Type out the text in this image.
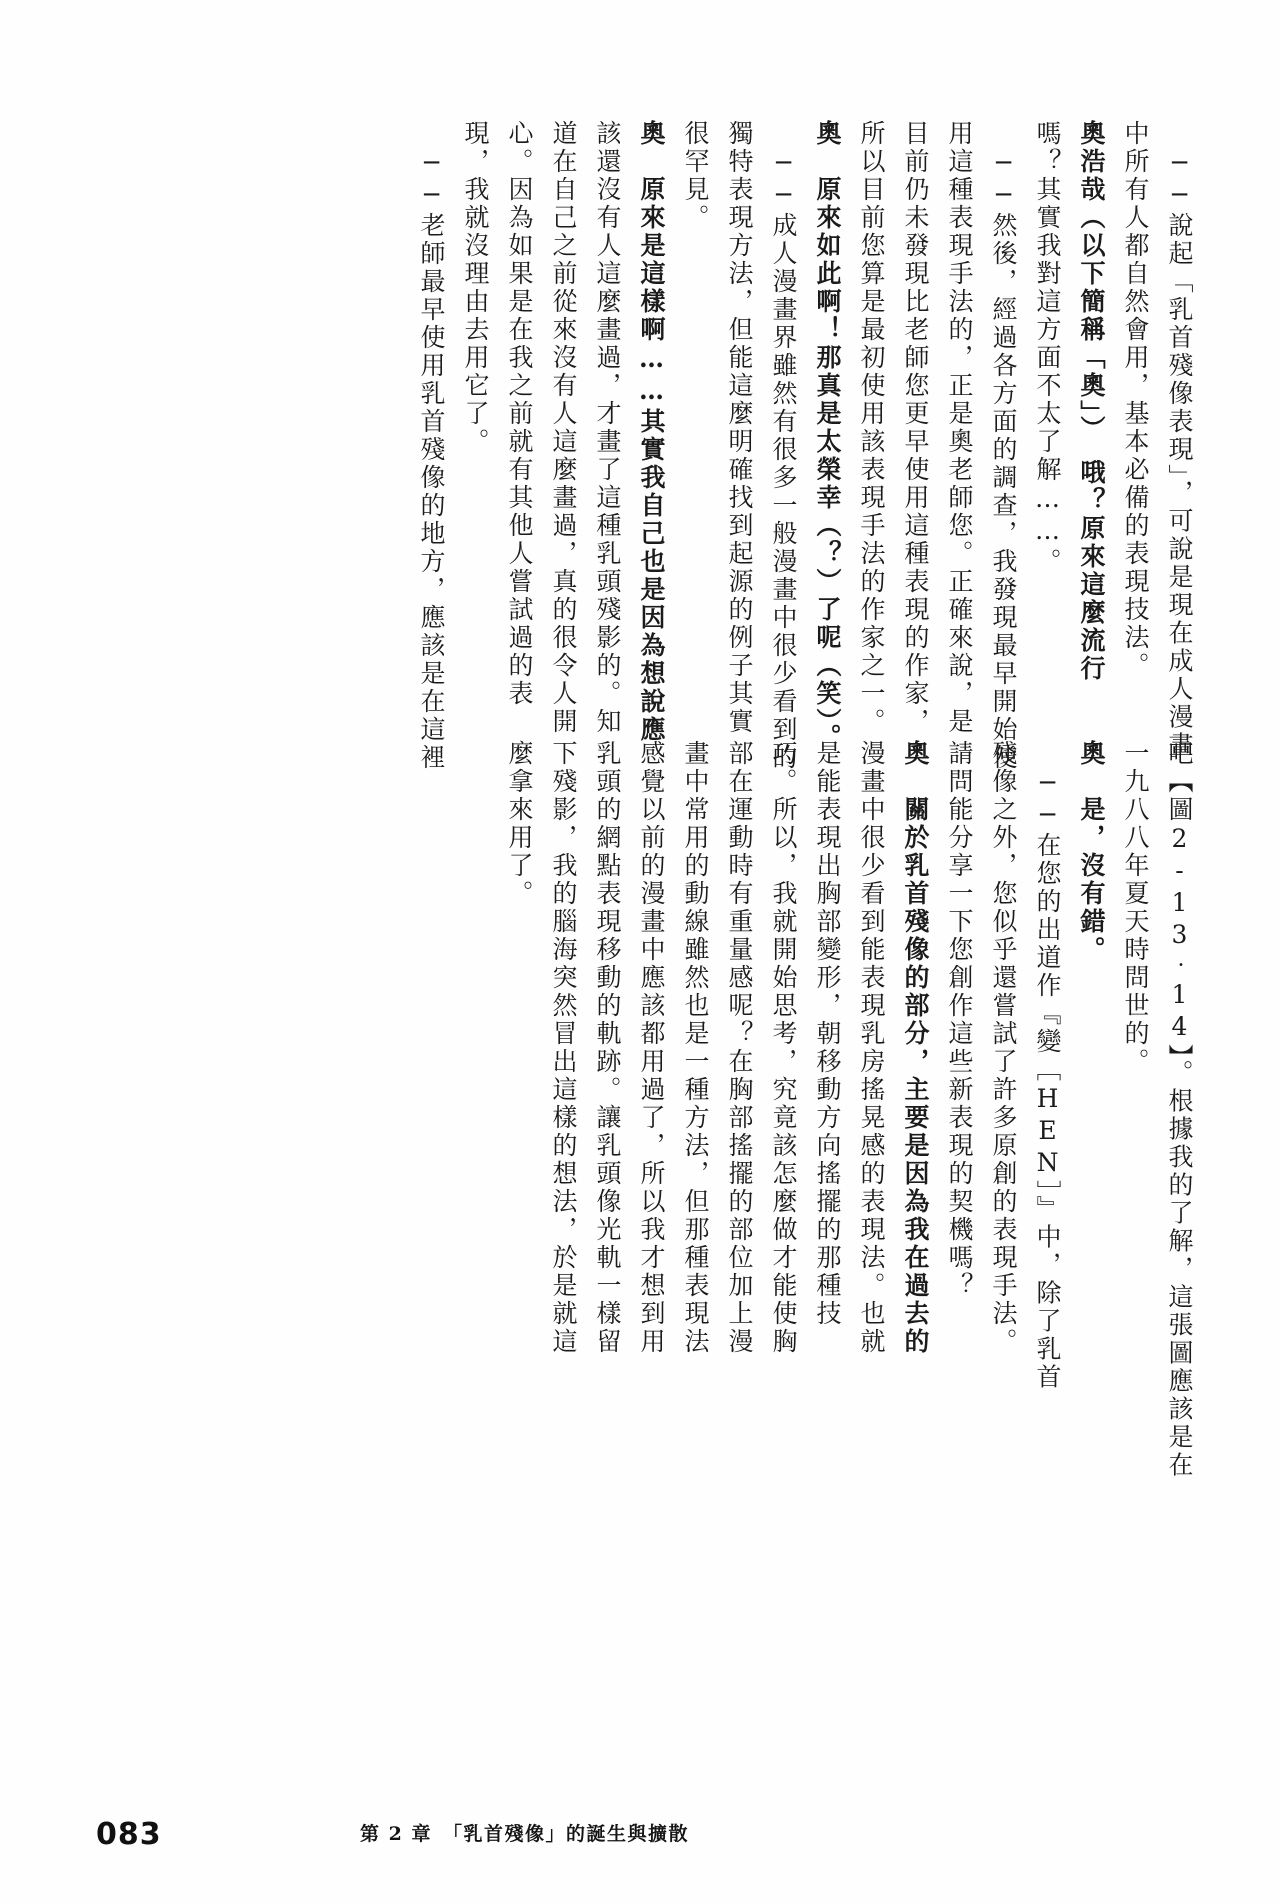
　──說起「乳首殘像表現」，可說是現在成人漫畫
中所有人都自然會用，基本必備的表現技法。
奧浩哉（以下簡稱「奧」）　哦？原來這麼流行
嗎？其實我對這方面不太了解……。
　──然後，經過各方面的調查，我發現最早開始使
用這種表現手法的，正是奧老師您。正確來說，是
目前仍未發現比老師您更早使用這種表現的作家，
所以目前您算是最初使用該表現手法的作家之一。
奧　原來如此啊！那真是太榮幸（？）了呢（笑）。
　──成人漫畫界雖然有很多一般漫畫中很少看到的
獨特表現方法，但能這麼明確找到起源的例子其實
很罕見。
奧　原來是這樣啊……其實我自己也是因為想說應
該還沒有人這麼畫過，才畫了這種乳頭殘影的。知
道在自己之前從來沒有人這麼畫過，真的很令人開
心。因為如果是在我之前就有其他人嘗試過的表
現，我就沒理由去用它了。
　──老師最早使用乳首殘像的地方，應該是在這裡
吧【圖2-13‧14】。根據我的了解，這張圖應該是在
一九八八年夏天時問世的。
奧　是，沒有錯。
　──在您的出道作『變［HEN］』中，除了乳首
殘像之外，您似乎還嘗試了許多原創的表現手法。
請問能分享一下您創作這些新表現的契機嗎？
奧　關於乳首殘像的部分，主要是因為我在過去的
漫畫中很少看到能表現乳房搖晃感的表現法。也就
是能表現出胸部變形，朝移動方向搖擺的那種技
巧。所以，我就開始思考，究竟該怎麼做才能使胸
部在運動時有重量感呢？在胸部搖擺的部位加上漫
畫中常用的動線雖然也是一種方法，但那種表現法
感覺以前的漫畫中應該都用過了，所以我才想到用
乳頭的網點表現移動的軌跡。讓乳頭像光軌一樣留
下殘影，我的腦海突然冒出這樣的想法，於是就這
麼拿來用了。
083	第 2 章　「乳首殘像」的誕生與擴散
